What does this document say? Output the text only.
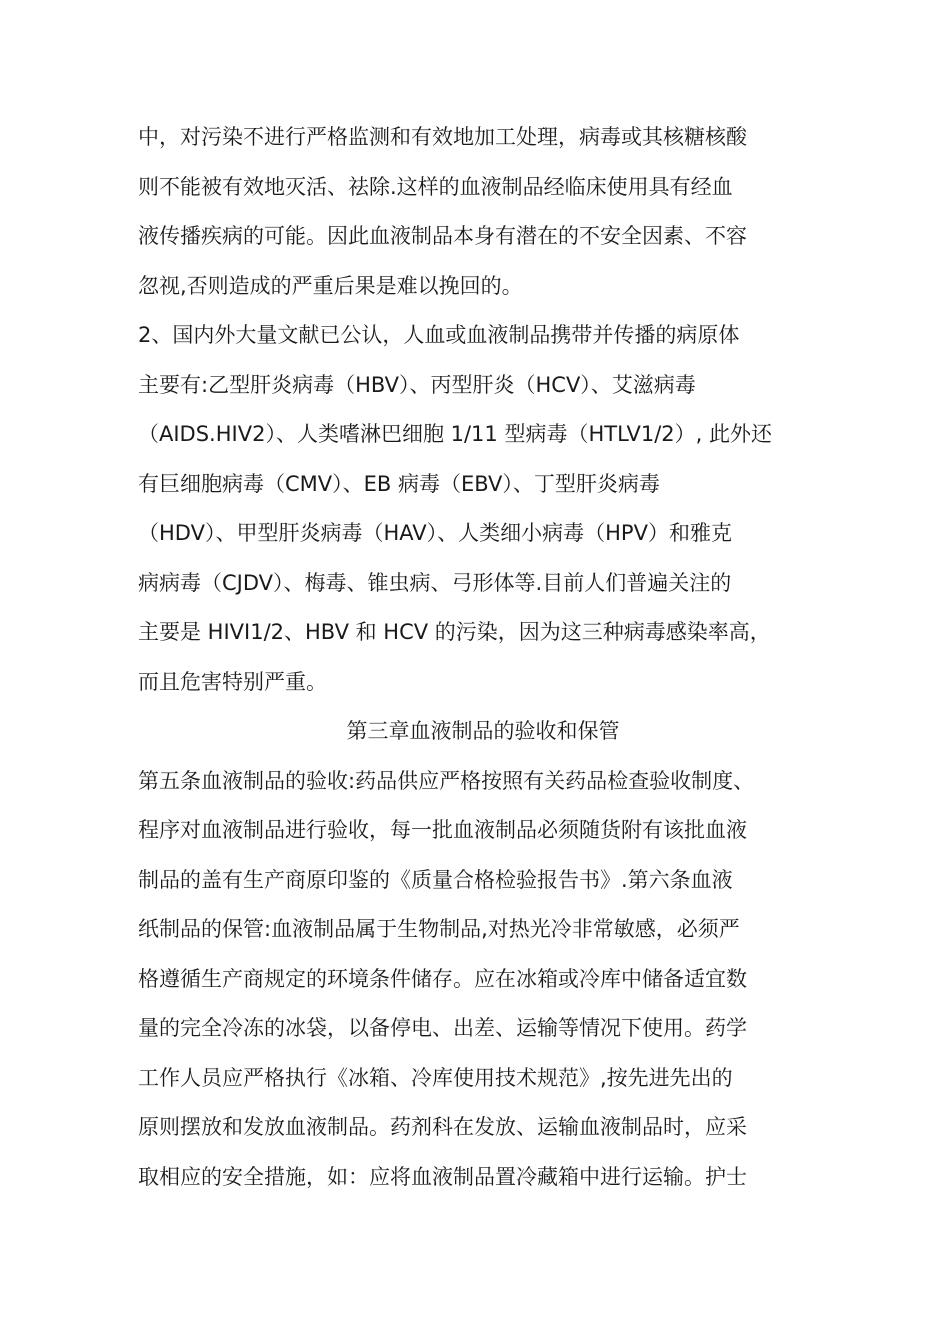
中，对污染不进行严格监测和有效地加工处理，病毒或其核糖核酸
则不能被有效地灭活、祛除.这样的血液制品经临床使用具有经血
液传播疾病的可能。因此血液制品本身有潜在的不安全因素、不容
忽视,否则造成的严重后果是难以挽回的。
2、国内外大量文献已公认，人血或血液制品携带并传播的病原体
主要有:乙型肝炎病毒（HBV）、丙型肝炎（HCV）、艾滋病毒
（AIDS.HIV2）、人类嗜淋巴细胞 1/11 型病毒（HTLV1/2）, 此外还
有巨细胞病毒（CMV）、EB 病毒（EBV）、丁型肝炎病毒
（HDV）、甲型肝炎病毒（HAV）、人类细小病毒（HPV）和雅克
病病毒（CJDV）、梅毒、锥虫病、弓形体等.目前人们普遍关注的
主要是 HIVI1/2、HBV 和 HCV 的污染，因为这三种病毒感染率高，
而且危害特别严重。
第三章血液制品的验收和保管
第五条血液制品的验收:药品供应严格按照有关药品检查验收制度、
程序对血液制品进行验收，每一批血液制品必须随货附有该批血液
制品的盖有生产商原印鉴的《质量合格检验报告书》.第六条血液
纸制品的保管:血液制品属于生物制品,对热光冷非常敏感，必须严
格遵循生产商规定的环境条件储存。应在冰箱或冷库中储备适宜数
量的完全冷冻的冰袋，以备停电、出差、运输等情况下使用。药学
工作人员应严格执行《冰箱、冷库使用技术规范》,按先进先出的
原则摆放和发放血液制品。药剂科在发放、运输血液制品时，应采
取相应的安全措施，如：应将血液制品置冷藏箱中进行运输。护士
